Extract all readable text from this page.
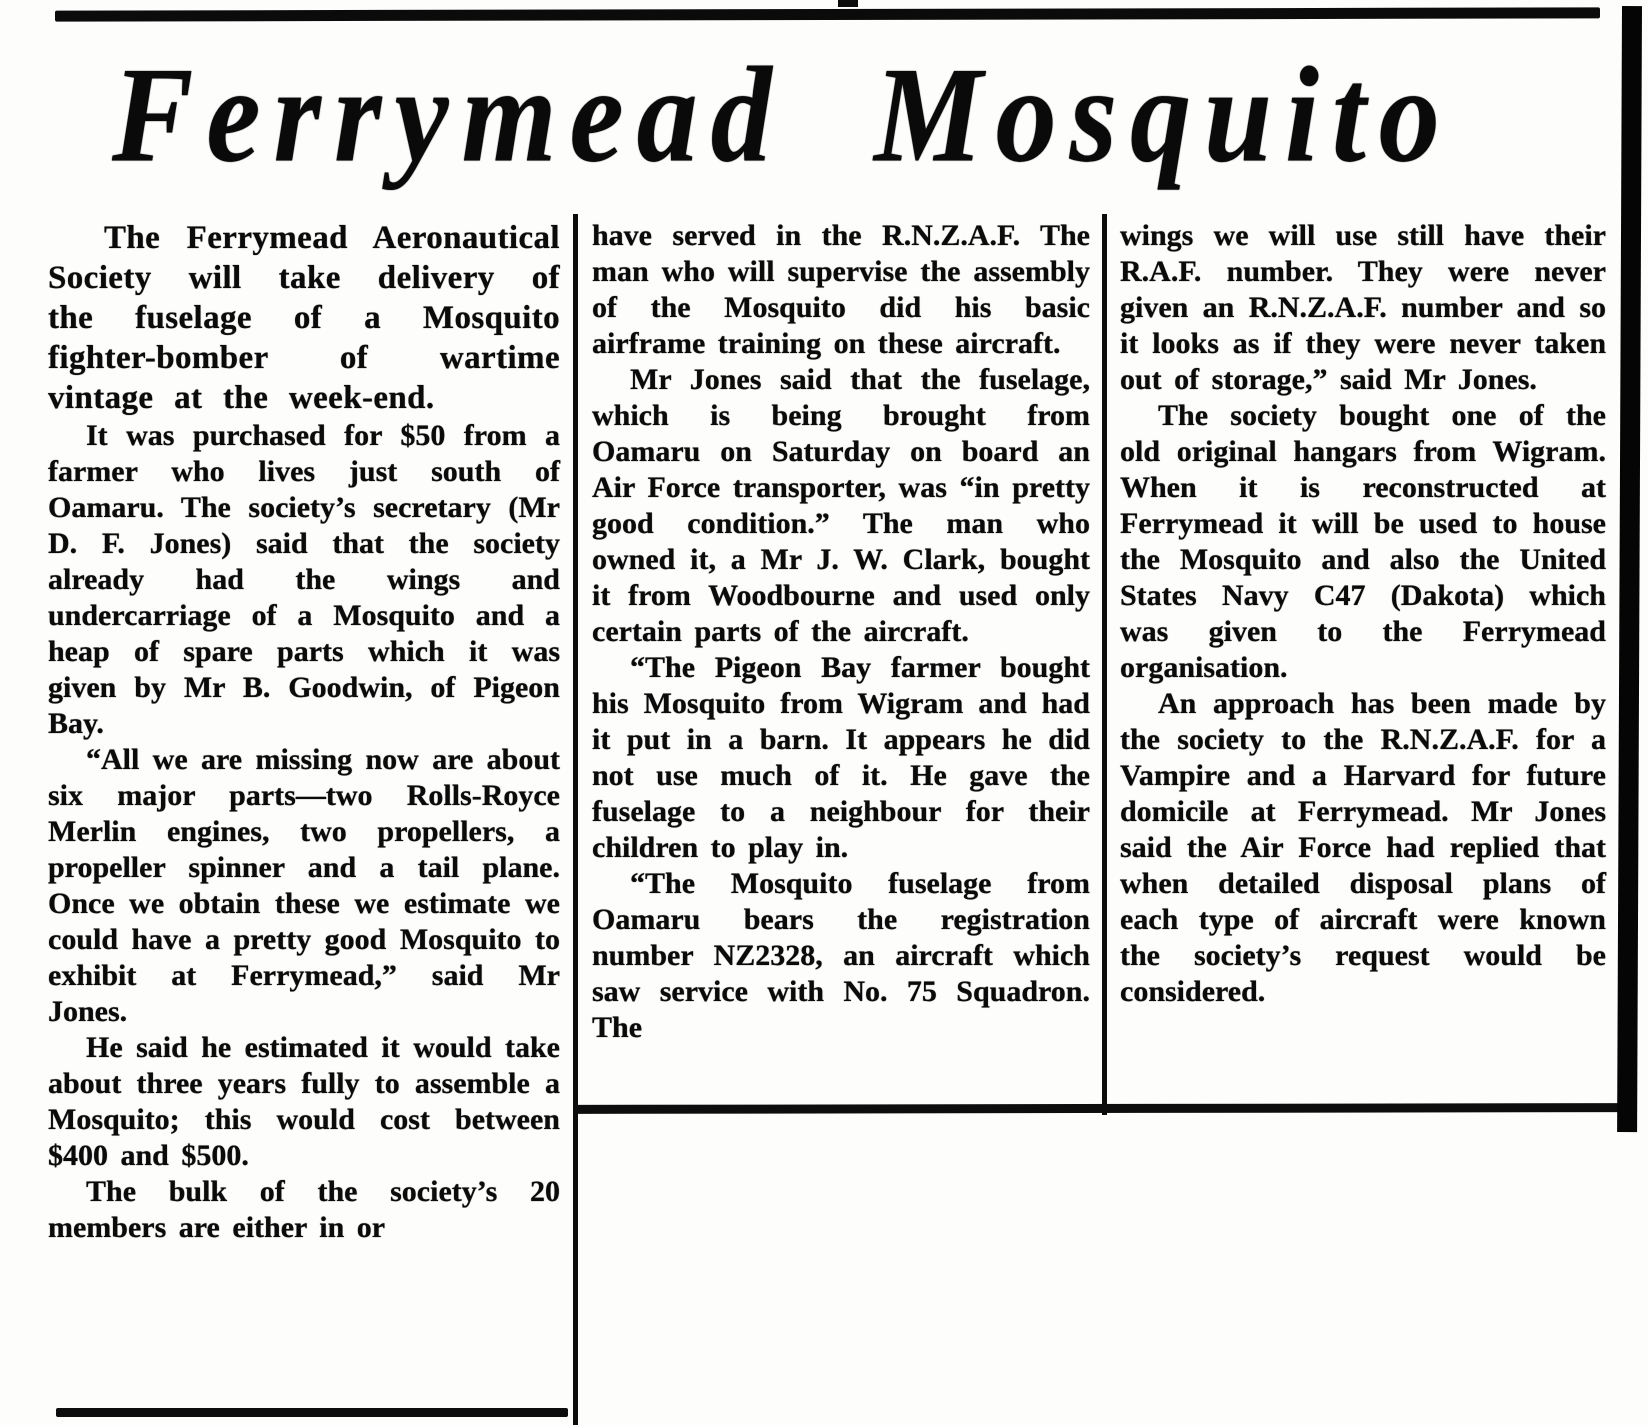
Ferrymead Mosquito

The Ferrymead Aeronautical Society will take delivery of the fuselage of a Mosquito fighter-bomber of wartime vintage at the week-end.

It was purchased for $50 from a farmer who lives just south of Oamaru. The society’s secretary (Mr D. F. Jones) said that the society already had the wings and undercarriage of a Mosquito and a heap of spare parts which it was given by Mr B. Goodwin, of Pigeon Bay.

“All we are missing now are about six major parts—two Rolls-Royce Merlin engines, two propellers, a propeller spinner and a tail plane. Once we obtain these we estimate we could have a pretty good Mosquito to exhibit at Ferrymead,” said Mr Jones.

He said he estimated it would take about three years fully to assemble a Mosquito; this would cost between $400 and $500.

The bulk of the society’s 20 members are either in or

have served in the R.N.Z.A.F. The man who will supervise the assembly of the Mosquito did his basic airframe training on these aircraft.

Mr Jones said that the fuselage, which is being brought from Oamaru on Saturday on board an Air Force transporter, was “in pretty good condition.” The man who owned it, a Mr J. W. Clark, bought it from Woodbourne and used only certain parts of the aircraft.

“The Pigeon Bay farmer bought his Mosquito from Wigram and had it put in a barn. It appears he did not use much of it. He gave the fuselage to a neighbour for their children to play in.

“The Mosquito fuselage from Oamaru bears the registration number NZ2328, an aircraft which saw service with No. 75 Squadron. The

wings we will use still have their R.A.F. number. They were never given an R.N.Z.A.F. number and so it looks as if they were never taken out of storage,” said Mr Jones.

The society bought one of the old original hangars from Wigram. When it is reconstructed at Ferrymead it will be used to house the Mosquito and also the United States Navy C47 (Dakota) which was given to the Ferrymead organisation.

An approach has been made by the society to the R.N.Z.A.F. for a Vampire and a Harvard for future domicile at Ferrymead. Mr Jones said the Air Force had replied that when detailed disposal plans of each type of aircraft were known the society’s request would be considered.
